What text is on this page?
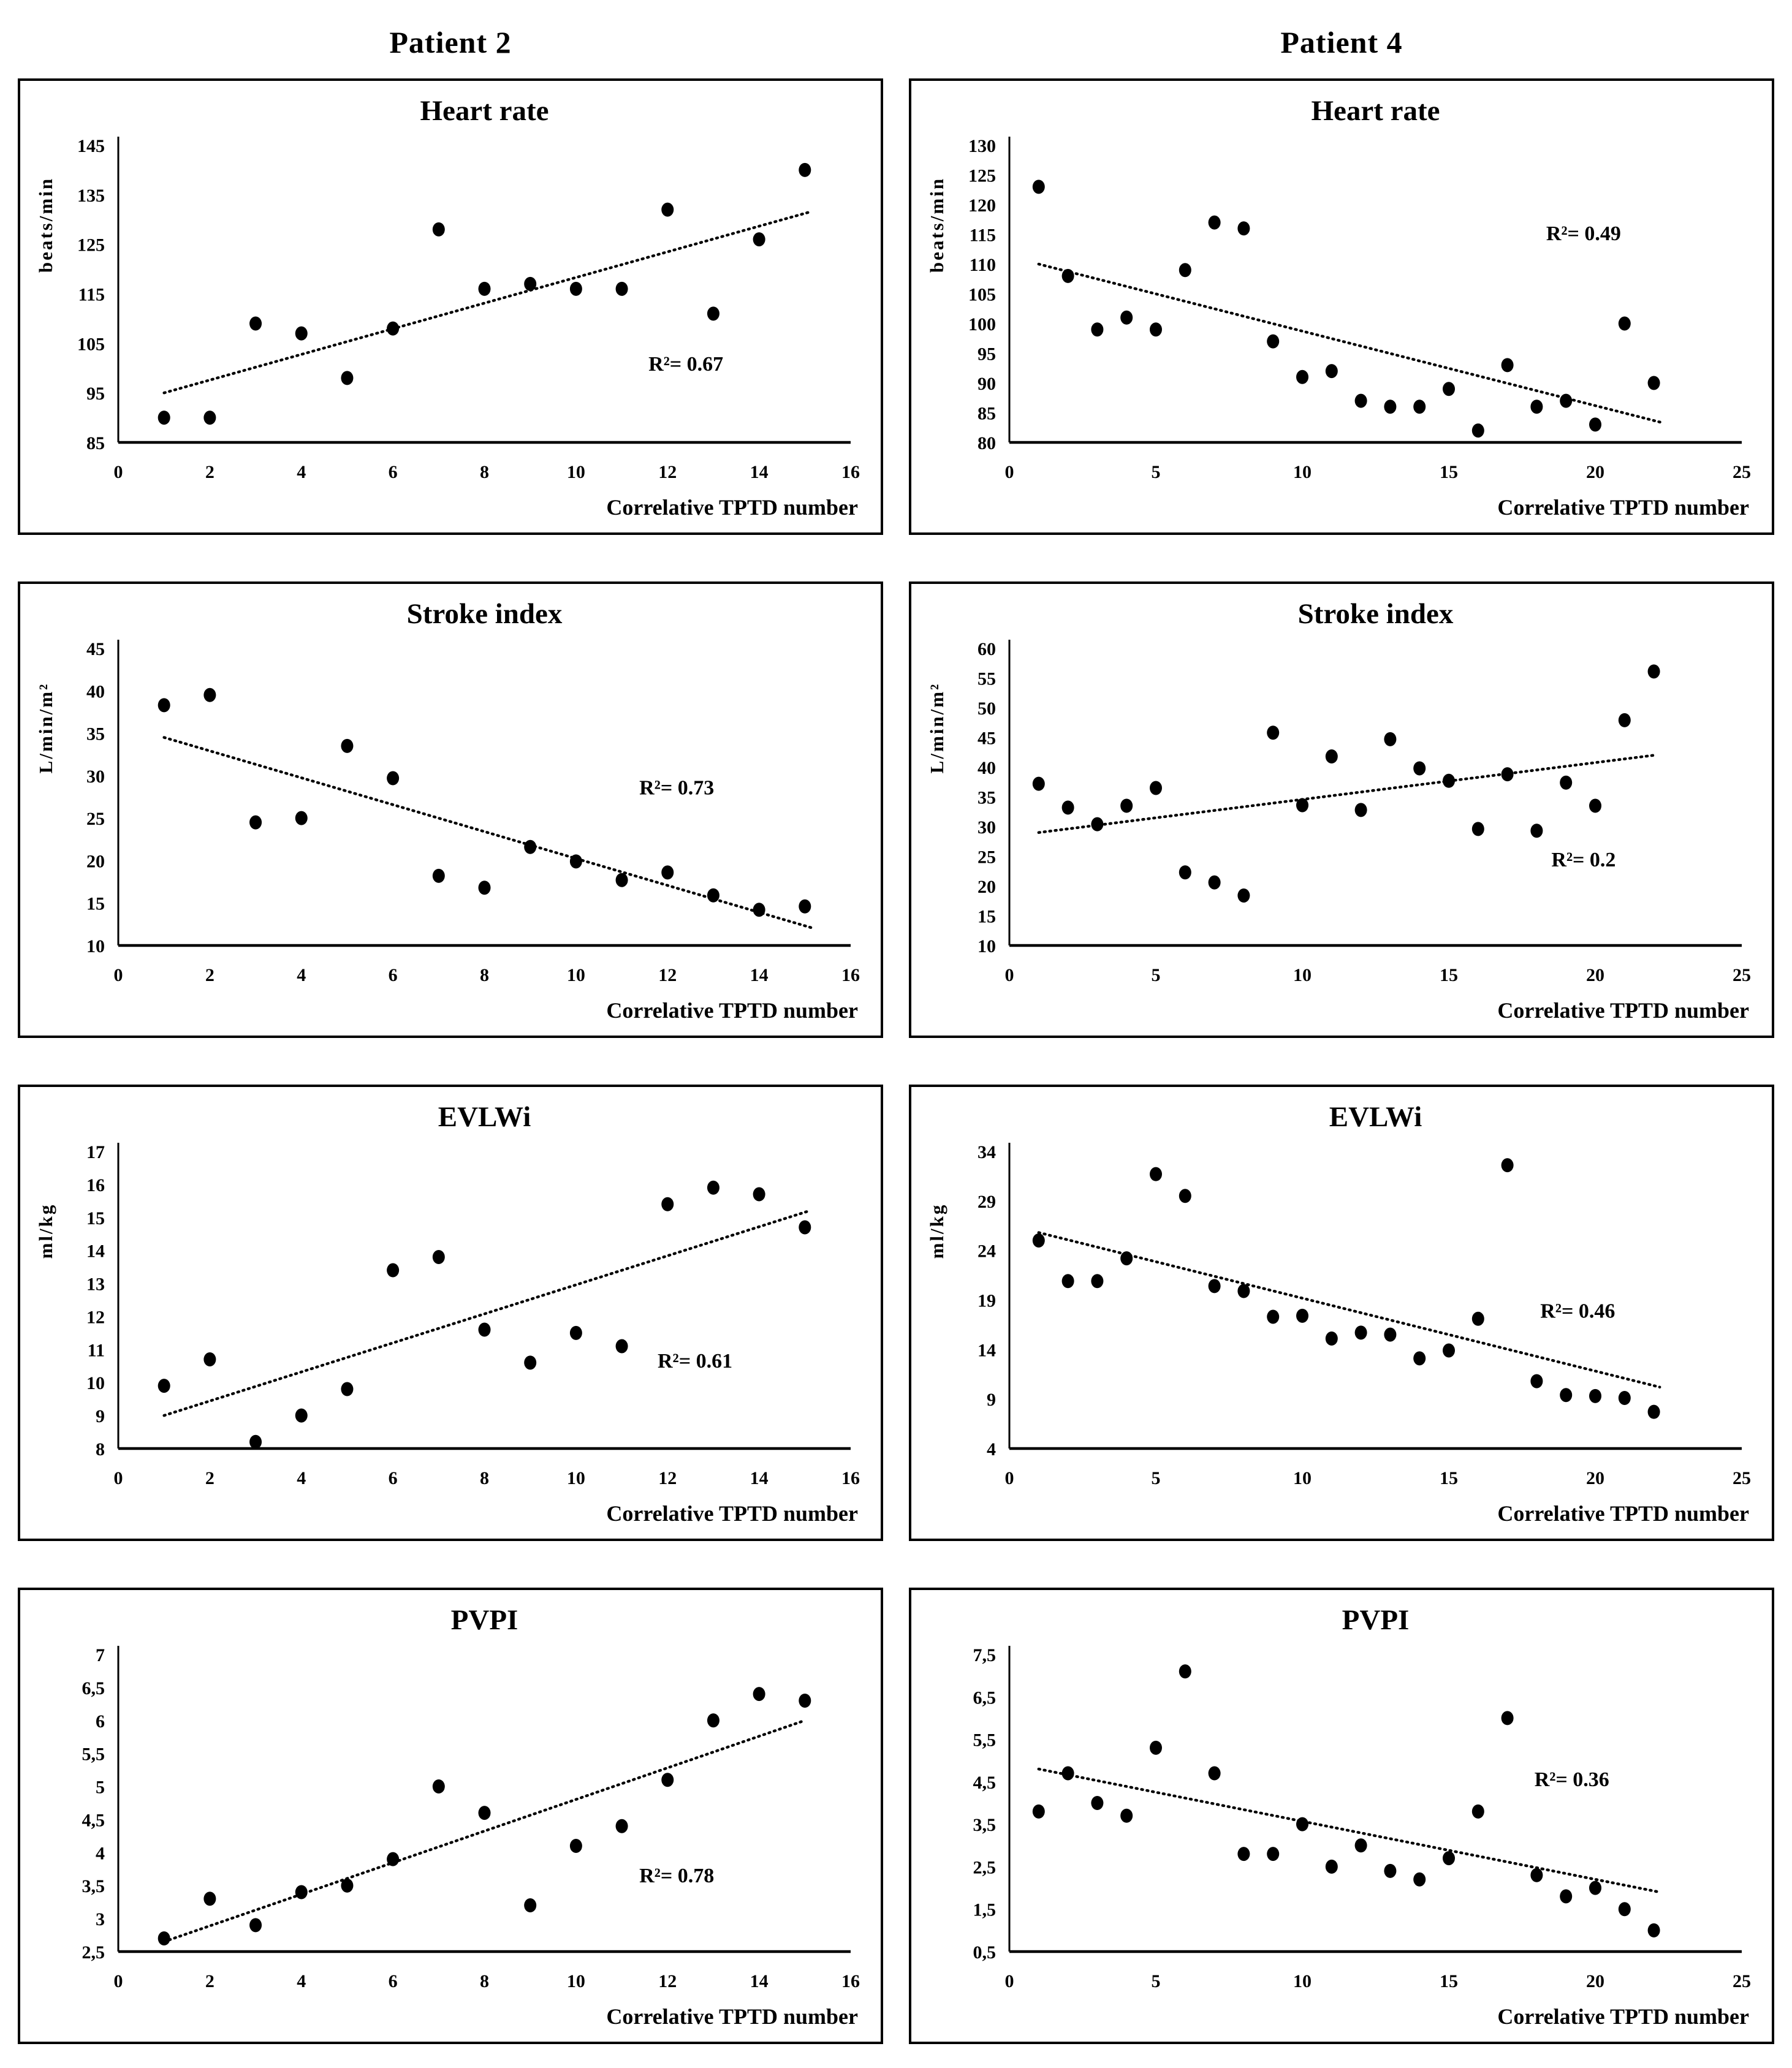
Patient 2	Patient 4
Heart rate
beats/min
85
95
105
115
125
135
145
0	2	4	6	8	10	12	14	16
Correlative TPTD number
R²= 0.67
Heart rate
beats/min
80
85
90
95
100
105
110
115
120
125
130
0	5	10	15	20	25
Correlative TPTD number
R²= 0.49
Stroke index
L/min/m²
10
15
20
25
30
35
40
45
0	2	4	6	8	10	12	14	16
Correlative TPTD number
R²= 0.73
Stroke index
L/min/m²
10
15
20
25
30
35
40
45
50
55
60
0	5	10	15	20	25
Correlative TPTD number
R²= 0.2
EVLWi
ml/kg
8
9
10
11
12
13
14
15
16
17
0	2	4	6	8	10	12	14	16
Correlative TPTD number
R²= 0.61
EVLWi
ml/kg
4
9
14
19
24
29
34
0	5	10	15	20	25
Correlative TPTD number
R²= 0.46
PVPI
2,5
3
3,5
4
4,5
5
5,5
6
6,5
7
0	2	4	6	8	10	12	14	16
Correlative TPTD number
R²= 0.78
PVPI
0,5
1,5
2,5
3,5
4,5
5,5
6,5
7,5
0	5	10	15	20	25
Correlative TPTD number
R²= 0.36
